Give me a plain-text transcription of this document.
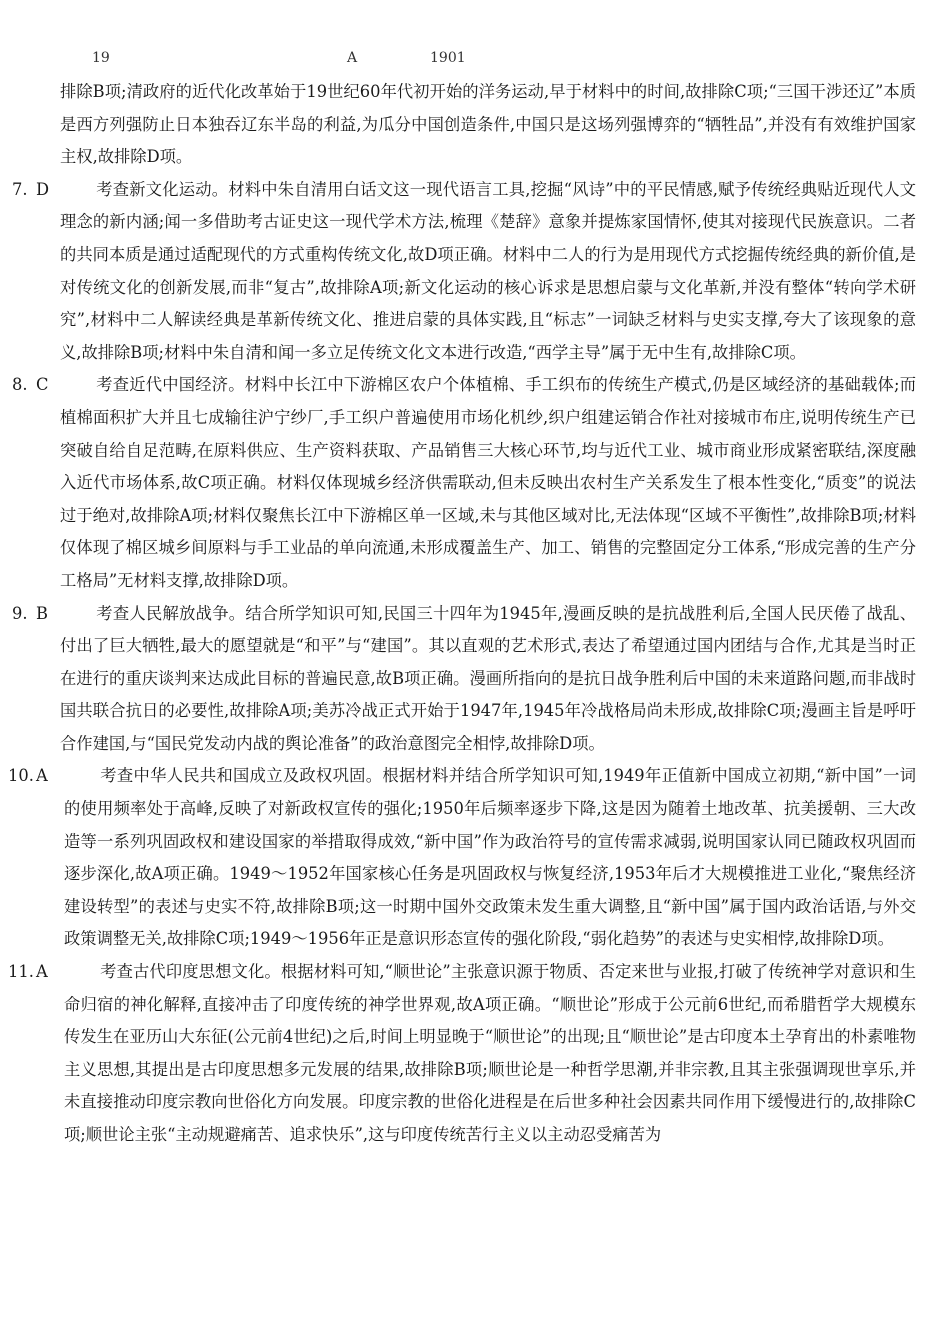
19	A	1901

排除B项;清政府的近代化改革始于19世纪60年代初开始的洋务运动,早于材料中的时间,故排除C项;“三国干涉还辽”本质是西方列强防止日本独吞辽东半岛的利益,为瓜分中国创造条件,中国只是这场列强博弈的“牺牲品”,并没有有效维护国家主权,故排除D项。

7. D	考查新文化运动。材料中朱自清用白话文这一现代语言工具,挖掘“风诗”中的平民情感,赋予传统经典贴近现代人文理念的新内涵;闻一多借助考古证史这一现代学术方法,梳理《楚辞》意象并提炼家国情怀,使其对接现代民族意识。二者的共同本质是通过适配现代的方式重构传统文化,故D项正确。材料中二人的行为是用现代方式挖掘传统经典的新价值,是对传统文化的创新发展,而非“复古”,故排除A项;新文化运动的核心诉求是思想启蒙与文化革新,并没有整体“转向学术研究”,材料中二人解读经典是革新传统文化、推进启蒙的具体实践,且“标志”一词缺乏材料与史实支撑,夸大了该现象的意义,故排除B项;材料中朱自清和闻一多立足传统文化文本进行改造,“西学主导”属于无中生有,故排除C项。

8. C	考查近代中国经济。材料中长江中下游棉区农户个体植棉、手工织布的传统生产模式,仍是区域经济的基础载体;而植棉面积扩大并且七成输往沪宁纱厂,手工织户普遍使用市场化机纱,织户组建运销合作社对接城市布庄,说明传统生产已突破自给自足范畴,在原料供应、生产资料获取、产品销售三大核心环节,均与近代工业、城市商业形成紧密联结,深度融入近代市场体系,故C项正确。材料仅体现城乡经济供需联动,但未反映出农村生产关系发生了根本性变化,“质变”的说法过于绝对,故排除A项;材料仅聚焦长江中下游棉区单一区域,未与其他区域对比,无法体现“区域不平衡性”,故排除B项;材料仅体现了棉区城乡间原料与手工业品的单向流通,未形成覆盖生产、加工、销售的完整固定分工体系,“形成完善的生产分工格局”无材料支撑,故排除D项。

9. B	考查人民解放战争。结合所学知识可知,民国三十四年为1945年,漫画反映的是抗战胜利后,全国人民厌倦了战乱、付出了巨大牺牲,最大的愿望就是“和平”与“建国”。其以直观的艺术形式,表达了希望通过国内团结与合作,尤其是当时正在进行的重庆谈判来达成此目标的普遍民意,故B项正确。漫画所指向的是抗日战争胜利后中国的未来道路问题,而非战时国共联合抗日的必要性,故排除A项;美苏冷战正式开始于1947年,1945年冷战格局尚未形成,故排除C项;漫画主旨是呼吁合作建国,与“国民党发动内战的舆论准备”的政治意图完全相悖,故排除D项。

10. A	考查中华人民共和国成立及政权巩固。根据材料并结合所学知识可知,1949年正值新中国成立初期,“新中国”一词的使用频率处于高峰,反映了对新政权宣传的强化;1950年后频率逐步下降,这是因为随着土地改革、抗美援朝、三大改造等一系列巩固政权和建设国家的举措取得成效,“新中国”作为政治符号的宣传需求减弱,说明国家认同已随政权巩固而逐步深化,故A项正确。1949～1952年国家核心任务是巩固政权与恢复经济,1953年后才大规模推进工业化,“聚焦经济建设转型”的表述与史实不符,故排除B项;这一时期中国外交政策未发生重大调整,且“新中国”属于国内政治话语,与外交政策调整无关,故排除C项;1949～1956年正是意识形态宣传的强化阶段,“弱化趋势”的表述与史实相悖,故排除D项。

11. A	考查古代印度思想文化。根据材料可知,“顺世论”主张意识源于物质、否定来世与业报,打破了传统神学对意识和生命归宿的神化解释,直接冲击了印度传统的神学世界观,故A项正确。“顺世论”形成于公元前6世纪,而希腊哲学大规模东传发生在亚历山大东征(公元前4世纪)之后,时间上明显晚于“顺世论”的出现;且“顺世论”是古印度本土孕育出的朴素唯物主义思想,其提出是古印度思想多元发展的结果,故排除B项;顺世论是一种哲学思潮,并非宗教,且其主张强调现世享乐,并未直接推动印度宗教向世俗化方向发展。印度宗教的世俗化进程是在后世多种社会因素共同作用下缓慢进行的,故排除C项;顺世论主张“主动规避痛苦、追求快乐”,这与印度传统苦行主义以主动忍受痛苦为
